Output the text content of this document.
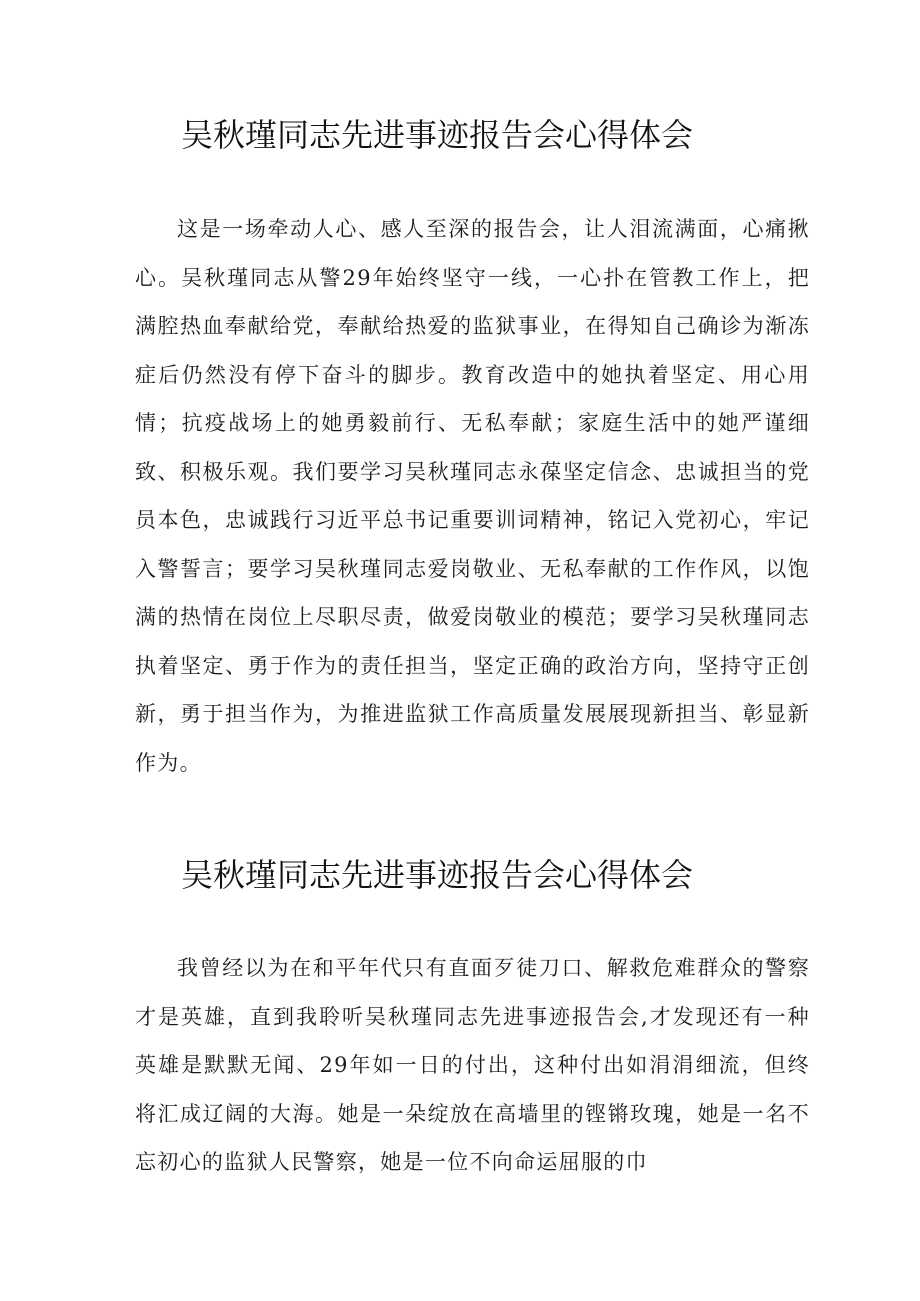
吴秋瑾同志先进事迹报告会心得体会

这是一场牵动人心、感人至深的报告会，让人泪流满面，心痛揪心。吴秋瑾同志从警29年始终坚守一线，一心扑在管教工作上，把满腔热血奉献给党，奉献给热爱的监狱事业，在得知自己确诊为渐冻症后仍然没有停下奋斗的脚步。教育改造中的她执着坚定、用心用情；抗疫战场上的她勇毅前行、无私奉献；家庭生活中的她严谨细致、积极乐观。我们要学习吴秋瑾同志永葆坚定信念、忠诚担当的党员本色，忠诚践行习近平总书记重要训词精神，铭记入党初心，牢记入警誓言；要学习吴秋瑾同志爱岗敬业、无私奉献的工作作风，以饱满的热情在岗位上尽职尽责，做爱岗敬业的模范；要学习吴秋瑾同志执着坚定、勇于作为的责任担当，坚定正确的政治方向，坚持守正创新，勇于担当作为，为推进监狱工作高质量发展展现新担当、彰显新作为。

吴秋瑾同志先进事迹报告会心得体会

我曾经以为在和平年代只有直面歹徒刀口、解救危难群众的警察才是英雄，直到我聆听吴秋瑾同志先进事迹报告会,才发现还有一种英雄是默默无闻、29年如一日的付出，这种付出如涓涓细流，但终将汇成辽阔的大海。她是一朵绽放在高墙里的铿锵玫瑰，她是一名不忘初心的监狱人民警察，她是一位不向命运屈服的巾
